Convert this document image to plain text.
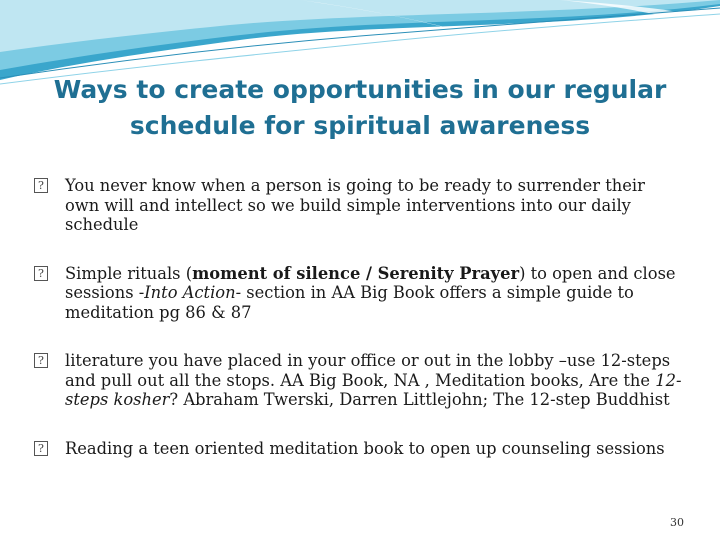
Ways to create opportunities in our regular
schedule for spiritual awareness
? You never know when a person is going to be ready to surrender their own will and intellect so we build simple interventions into our daily schedule
? Simple rituals (moment of silence / Serenity Prayer) to open and close sessions -Into Action- section in AA Big Book offers a simple guide to meditation pg 86 & 87
? literature you have placed in your office or out in the lobby –use 12-steps and pull out all the stops. AA Big Book, NA , Meditation books, Are the 12-steps kosher? Abraham Twerski, Darren Littlejohn; The 12-step Buddhist
? Reading a teen oriented meditation book to open up counseling sessions
30
